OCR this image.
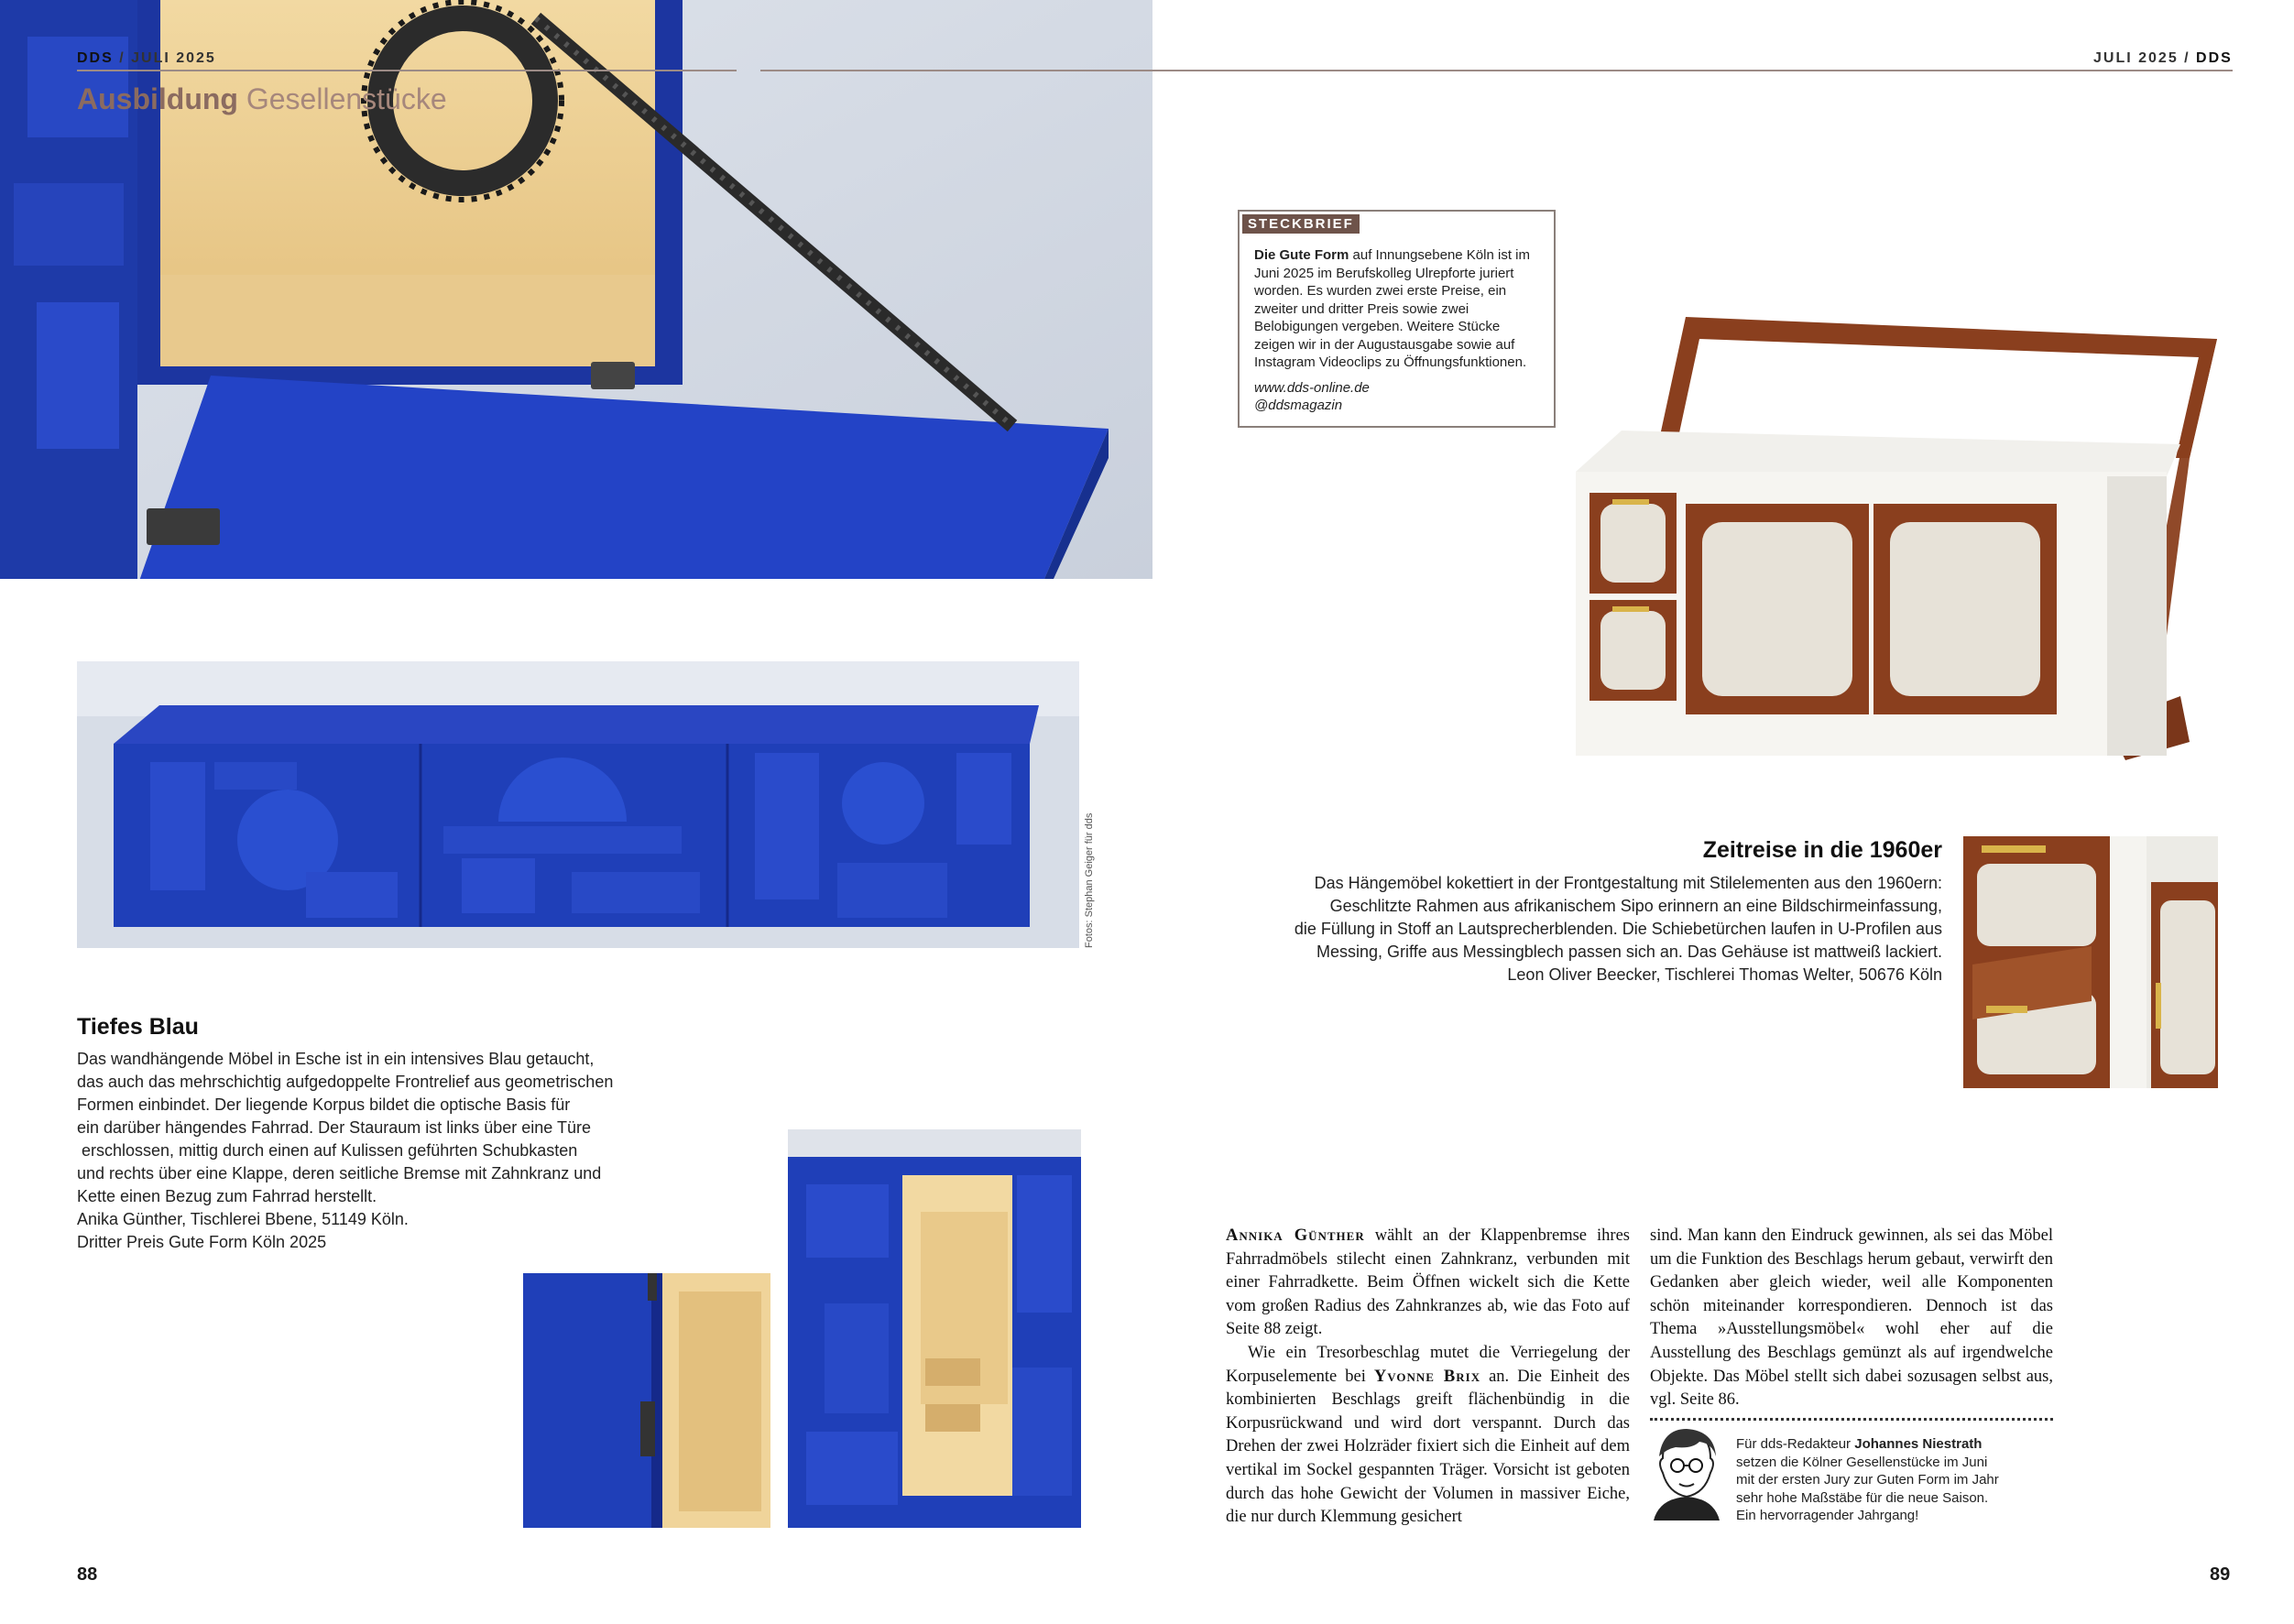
DDS / JULI 2025
Ausbildung Gesellenstücke
Fotos: Stephan Geiger für dds
Tiefes Blau
Das wandhängende Möbel in Esche ist in ein intensives Blau getaucht,
das auch das mehrschichtig aufgedoppelte Frontrelief aus geometrischen
Formen einbindet. Der liegende Korpus bildet die optische Basis für
ein darüber hängendes Fahrrad. Der Stauraum ist links über eine Türe
erschlossen, mittig durch einen auf Kulissen geführten Schubkasten
und rechts über eine Klappe, deren seitliche Bremse mit Zahnkranz und
Kette einen Bezug zum Fahrrad herstellt.
Anika Günther, Tischlerei Bbene, 51149 Köln.
Dritter Preis Gute Form Köln 2025
88
JULI 2025 / DDS
STECKBRIEF
Die Gute Form auf Innungsebene Köln ist im Juni 2025 im Berufskolleg Ulrepforte juriert worden. Es wurden zwei erste Preise, ein zweiter und dritter Preis sowie zwei Belobigungen vergeben. Weitere Stücke zeigen wir in der Augustausgabe sowie auf Instagram Videoclips zu Öffnungsfunktionen.
www.dds-online.de
@ddsmagazin
Zeitreise in die 1960er
Das Hängemöbel kokettiert in der Frontgestaltung mit Stilelementen aus den 1960ern:
Geschlitzte Rahmen aus afrikanischem Sipo erinnern an eine Bildschirmeinfassung,
die Füllung in Stoff an Lautsprecherblenden. Die Schiebetürchen laufen in U-Profilen aus
Messing, Griffe aus Messingblech passen sich an. Das Gehäuse ist mattweiß lackiert.
Leon Oliver Beecker, Tischlerei Thomas Welter, 50676 Köln
Annika Günther wählt an der Klappenbremse ihres Fahrradmöbels stilecht einen Zahnkranz, verbunden mit einer Fahrradkette. Beim Öffnen wickelt sich die Kette vom großen Radius des Zahnkranzes ab, wie das Foto auf Seite 88 zeigt.
Wie ein Tresorbeschlag mutet die Verriegelung der Korpuselemente bei Yvonne Brix an. Die Einheit des kombinierten Beschlags greift flächenbündig in die Korpusrückwand und wird dort verspannt. Durch das Drehen der zwei Holzräder fixiert sich die Einheit auf dem vertikal im Sockel gespannten Träger. Vorsicht ist geboten durch das hohe Gewicht der Volumen in massiver Eiche, die nur durch Klemmung gesichert
sind. Man kann den Eindruck gewinnen, als sei das Möbel um die Funktion des Beschlags herum gebaut, verwirft den Gedanken aber gleich wieder, weil alle Komponenten schön miteinander korrespondieren. Dennoch ist das Thema »Ausstellungsmöbel« wohl eher auf die Ausstellung des Beschlags gemünzt als auf irgendwelche Objekte. Das Möbel stellt sich dabei sozusagen selbst aus, vgl. Seite 86.
Für dds-Redakteur Johannes Niestrath
setzen die Kölner Gesellenstücke im Juni
mit der ersten Jury zur Guten Form im Jahr
sehr hohe Maßstäbe für die neue Saison.
Ein hervorragender Jahrgang!
89
